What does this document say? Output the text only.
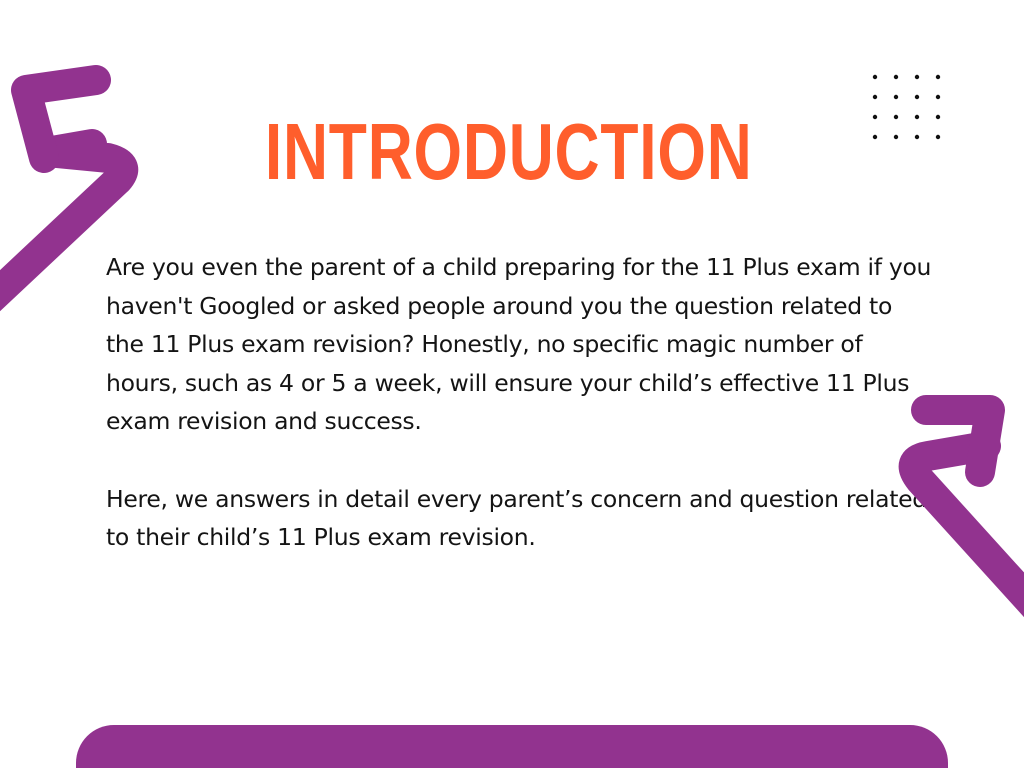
INTRODUCTION

Are you even the parent of a child preparing for the 11 Plus exam if you haven't Googled or asked people around you the question related to the 11 Plus exam revision? Honestly, no specific magic number of hours, such as 4 or 5 a week, will ensure your child’s effective 11 Plus exam revision and success.

Here, we answers in detail every parent’s concern and question related to their child’s 11 Plus exam revision.
